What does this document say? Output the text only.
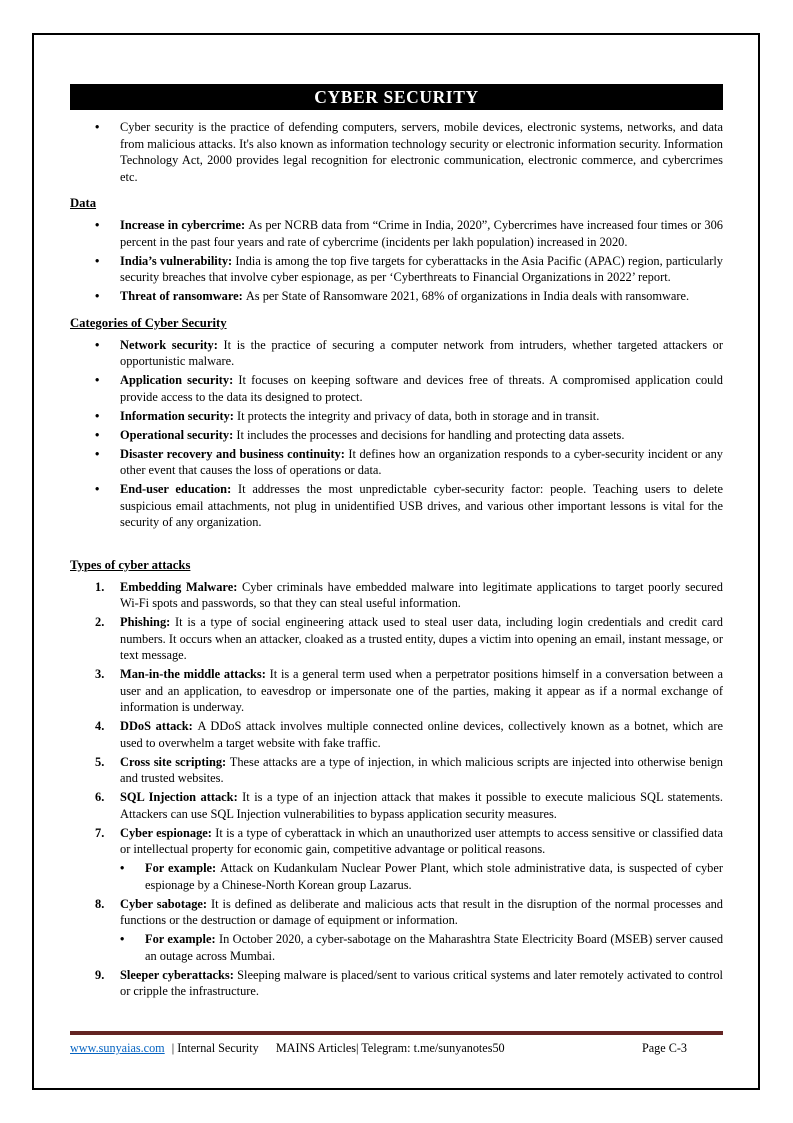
CYBER SECURITY
•	Cyber security is the practice of defending computers, servers, mobile devices, electronic systems, networks, and data from malicious attacks. It's also known as information technology security or electronic information security. Information Technology Act, 2000 provides legal recognition for electronic communication, electronic commerce, and cybercrimes etc.
Data
•	Increase in cybercrime: As per NCRB data from “Crime in India, 2020”, Cybercrimes have increased four times or 306 percent in the past four years and rate of cybercrime (incidents per lakh population) increased in 2020.
•	India’s vulnerability: India is among the top five targets for cyberattacks in the Asia Pacific (APAC) region, particularly security breaches that involve cyber espionage, as per ‘Cyberthreats to Financial Organizations in 2022’ report.
•	Threat of ransomware: As per State of Ransomware 2021, 68% of organizations in India deals with ransomware.
Categories of Cyber Security
•	Network security: It is the practice of securing a computer network from intruders, whether targeted attackers or opportunistic malware.
•	Application security: It focuses on keeping software and devices free of threats. A compromised application could provide access to the data its designed to protect.
•	Information security: It protects the integrity and privacy of data, both in storage and in transit.
•	Operational security: It includes the processes and decisions for handling and protecting data assets.
•	Disaster recovery and business continuity: It defines how an organization responds to a cyber-security incident or any other event that causes the loss of operations or data.
•	End-user education: It addresses the most unpredictable cyber-security factor: people. Teaching users to delete suspicious email attachments, not plug in unidentified USB drives, and various other important lessons is vital for the security of any organization.
Types of cyber attacks
1.	Embedding Malware: Cyber criminals have embedded malware into legitimate applications to target poorly secured Wi-Fi spots and passwords, so that they can steal useful information.
2.	Phishing: It is a type of social engineering attack used to steal user data, including login credentials and credit card numbers. It occurs when an attacker, cloaked as a trusted entity, dupes a victim into opening an email, instant message, or text message.
3.	Man-in-the middle attacks: It is a general term used when a perpetrator positions himself in a conversation between a user and an application, to eavesdrop or impersonate one of the parties, making it appear as if a normal exchange of information is underway.
4.	DDoS attack: A DDoS attack involves multiple connected online devices, collectively known as a botnet, which are used to overwhelm a target website with fake traffic.
5.	Cross site scripting: These attacks are a type of injection, in which malicious scripts are injected into otherwise benign and trusted websites.
6.	SQL Injection attack: It is a type of an injection attack that makes it possible to execute malicious SQL statements. Attackers can use SQL Injection vulnerabilities to bypass application security measures.
7.	Cyber espionage: It is a type of cyberattack in which an unauthorized user attempts to access sensitive or classified data or intellectual property for economic gain, competitive advantage or political reasons.
•	For example: Attack on Kudankulam Nuclear Power Plant, which stole administrative data, is suspected of cyber espionage by a Chinese-North Korean group Lazarus.
8.	Cyber sabotage: It is defined as deliberate and malicious acts that result in the disruption of the normal processes and functions or the destruction or damage of equipment or information.
•	For example: In October 2020, a cyber-sabotage on the Maharashtra State Electricity Board (MSEB) server caused an outage across Mumbai.
9.	Sleeper cyberattacks: Sleeping malware is placed/sent to various critical systems and later remotely activated to control or cripple the infrastructure.
www.sunyaias.com | Internal Security MAINS Articles| Telegram: t.me/sunyanotes50	Page C-3
